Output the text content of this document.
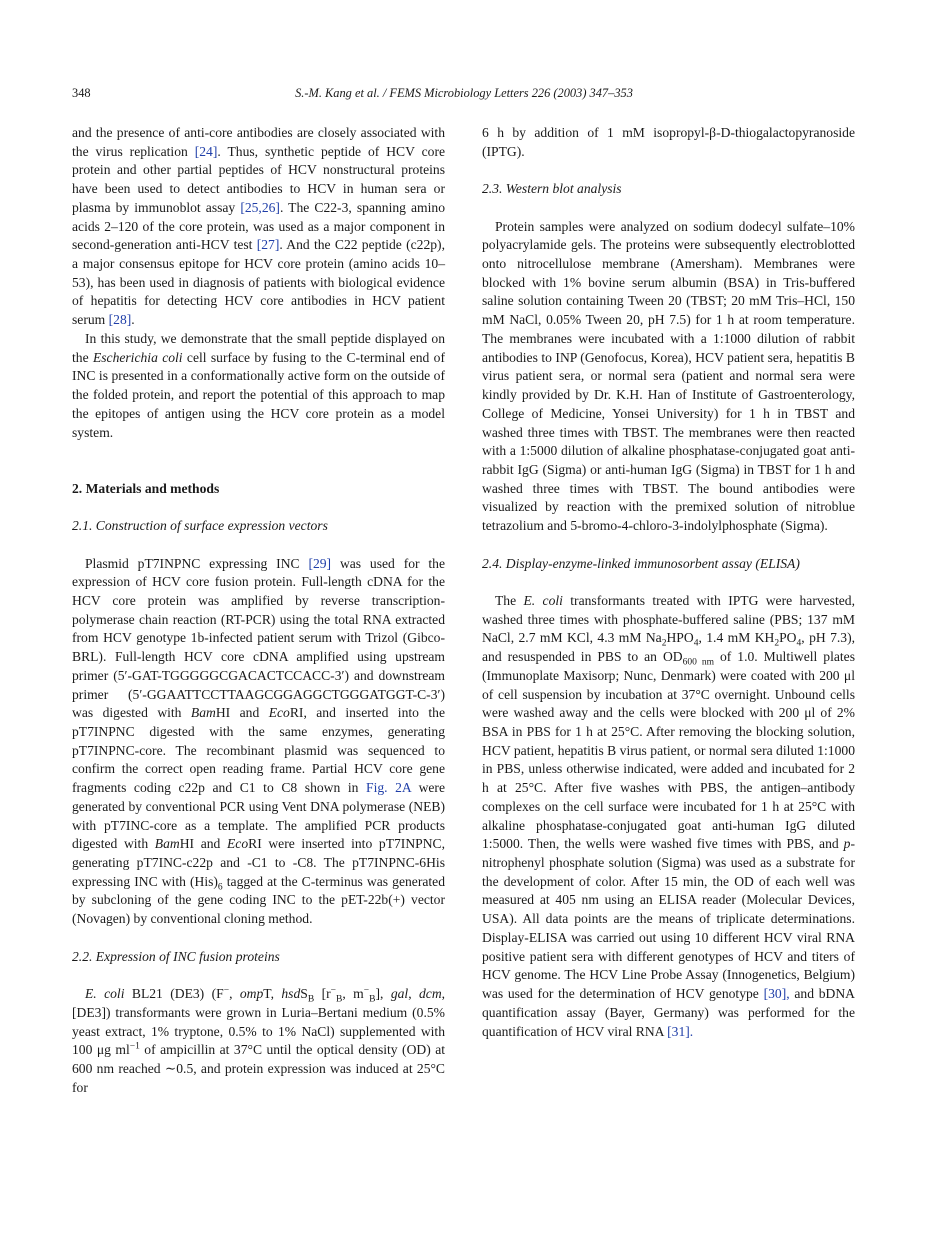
348	S.-M. Kang et al. / FEMS Microbiology Letters 226 (2003) 347–353

and the presence of anti-core antibodies are closely associated with the virus replication [24]. Thus, synthetic peptide of HCV core protein and other partial peptides of HCV nonstructural proteins have been used to detect antibodies to HCV in human sera or plasma by immunoblot assay [25,26]. The C22-3, spanning amino acids 2–120 of the core protein, was used as a major component in second-generation anti-HCV test [27]. And the C22 peptide (c22p), a major consensus epitope for HCV core protein (amino acids 10–53), has been used in diagnosis of patients with biological evidence of hepatitis for detecting HCV core antibodies in HCV patient serum [28].

In this study, we demonstrate that the small peptide displayed on the Escherichia coli cell surface by fusing to the C-terminal end of INC is presented in a conformationally active form on the outside of the folded protein, and report the potential of this approach to map the epitopes of antigen using the HCV core protein as a model system.

2. Materials and methods
2.1. Construction of surface expression vectors

Plasmid pT7INPNC expressing INC [29] was used for the expression of HCV core fusion protein. Full-length cDNA for the HCV core protein was amplified by reverse transcription-polymerase chain reaction (RT-PCR) using the total RNA extracted from HCV genotype 1b-infected patient serum with Trizol (Gibco-BRL). Full-length HCV core cDNA amplified using upstream primer (5′-GAT-TGGGGGCGACACTCCACC-3′) and downstream primer (5′-GGAATTCCTTAAGCGGAGGCTGGGATGGT-C-3′) was digested with BamHI and EcoRI, and inserted into the pT7INPNC digested with the same enzymes, generating pT7INPNC-core. The recombinant plasmid was sequenced to confirm the correct open reading frame. Partial HCV core gene fragments coding c22p and C1 to C8 shown in Fig. 2A were generated by conventional PCR using Vent DNA polymerase (NEB) with pT7INC-core as a template. The amplified PCR products digested with BamHI and EcoRI were inserted into pT7INPNC, generating pT7INC-c22p and -C1 to -C8. The pT7INPNC-6His expressing INC with $(His)_6$ tagged at the C-terminus was generated by subcloning of the gene coding INC to the pET-22b(+) vector (Novagen) by conventional cloning method.

2.2. Expression of INC fusion proteins

E. coli BL21 (DE3) (F−, ompT, hsdS$_B$ [$r^-_B$, $m^-_B$], gal, dcm, [DE3]) transformants were grown in Luria–Bertani medium (0.5% yeast extract, 1% tryptone, 0.5% to 1% NaCl) supplemented with 100 μg $ml^{-1}$ of ampicillin at 37°C until the optical density (OD) at 600 nm reached ∼0.5, and protein expression was induced at 25°C for

6 h by addition of 1 mM isopropyl-β-D-thiogalactopyranoside (IPTG).

2.3. Western blot analysis

Protein samples were analyzed on sodium dodecyl sulfate–10% polyacrylamide gels. The proteins were subsequently electroblotted onto nitrocellulose membrane (Amersham). Membranes were blocked with 1% bovine serum albumin (BSA) in Tris-buffered saline solution containing Tween 20 (TBST; 20 mM Tris–HCl, 150 mM NaCl, 0.05% Tween 20, pH 7.5) for 1 h at room temperature. The membranes were incubated with a 1:1000 dilution of rabbit antibodies to INP (Genofocus, Korea), HCV patient sera, hepatitis B virus patient sera, or normal sera (patient and normal sera were kindly provided by Dr. K.H. Han of Institute of Gastroenterology, College of Medicine, Yonsei University) for 1 h in TBST and washed three times with TBST. The membranes were then reacted with a 1:5000 dilution of alkaline phosphatase-conjugated goat anti-rabbit IgG (Sigma) or anti-human IgG (Sigma) in TBST for 1 h and washed three times with TBST. The bound antibodies were visualized by reaction with the premixed solution of nitroblue tetrazolium and 5-bromo-4-chloro-3-indolylphosphate (Sigma).

2.4. Display-enzyme-linked immunosorbent assay (ELISA)

The E. coli transformants treated with IPTG were harvested, washed three times with phosphate-buffered saline (PBS; 137 mM NaCl, 2.7 mM KCl, 4.3 mM $Na_2HPO_4$, 1.4 mM $KH_2PO_4$, pH 7.3), and resuspended in PBS to an $OD_{600 nm}$ of 1.0. Multiwell plates (Immunoplate Maxisorp; Nunc, Denmark) were coated with 200 μl of cell suspension by incubation at 37°C overnight. Unbound cells were washed away and the cells were blocked with 200 μl of 2% BSA in PBS for 1 h at 25°C. After removing the blocking solution, HCV patient, hepatitis B virus patient, or normal sera diluted 1:1000 in PBS, unless otherwise indicated, were added and incubated for 2 h at 25°C. After five washes with PBS, the antigen–antibody complexes on the cell surface were incubated for 1 h at 25°C with alkaline phosphatase-conjugated goat anti-human IgG diluted 1:5000. Then, the wells were washed five times with PBS, and p-nitrophenyl phosphate solution (Sigma) was used as a substrate for the development of color. After 15 min, the OD of each well was measured at 405 nm using an ELISA reader (Molecular Devices, USA). All data points are the means of triplicate determinations. Display-ELISA was carried out using 10 different HCV viral RNA positive patient sera with different genotypes of HCV and titers of HCV genome. The HCV Line Probe Assay (Innogenetics, Belgium) was used for the determination of HCV genotype [30], and bDNA quantification assay (Bayer, Germany) was performed for the quantification of HCV viral RNA [31].
